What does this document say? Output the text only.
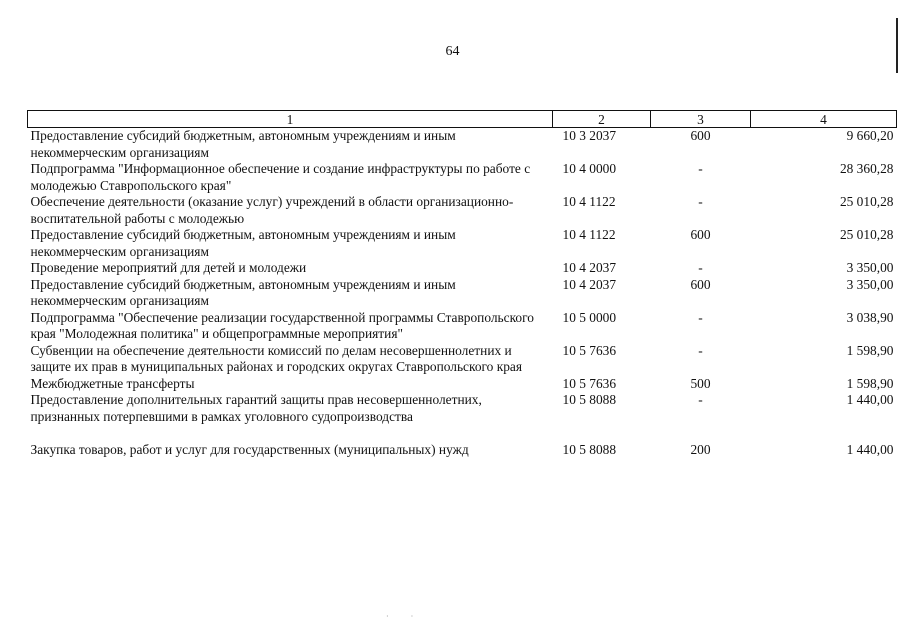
64
1	2	3	4
Предоставление субсидий бюджетным, автономным учреждениям и иным некоммерческим организациям	10 3 2037	600	9 660,20
Подпрограмма "Информационное обеспечение и создание инфраструктуры по работе с молодежью Ставропольского края"	10 4 0000	-	28 360,28
Обеспечение деятельности (оказание услуг) учреждений в области организационно-воспитательной работы с молодежью	10 4 1122	-	25 010,28
Предоставление субсидий бюджетным, автономным учреждениям и иным некоммерческим организациям	10 4 1122	600	25 010,28
Проведение мероприятий для детей и молодежи	10 4 2037	-	3 350,00
Предоставление субсидий бюджетным, автономным учреждениям и иным некоммерческим организациям	10 4 2037	600	3 350,00
Подпрограмма "Обеспечение реализации государственной программы Ставропольского края "Молодежная политика" и общепрограммные мероприятия"	10 5 0000	-	3 038,90
Субвенции на обеспечение деятельности комиссий по делам несовершеннолетних и защите их прав в муниципальных районах и городских округах Ставропольского края	10 5 7636	-	1 598,90
Межбюджетные трансферты	10 5 7636	500	1 598,90
Предоставление дополнительных гарантий защиты прав несовершеннолетних, признанных потерпевшими в рамках уголовного судопроизводства	10 5 8088	-	1 440,00

Закупка товаров, работ и услуг для государственных (муниципальных) нужд	10 5 8088	200	1 440,00
· ·
